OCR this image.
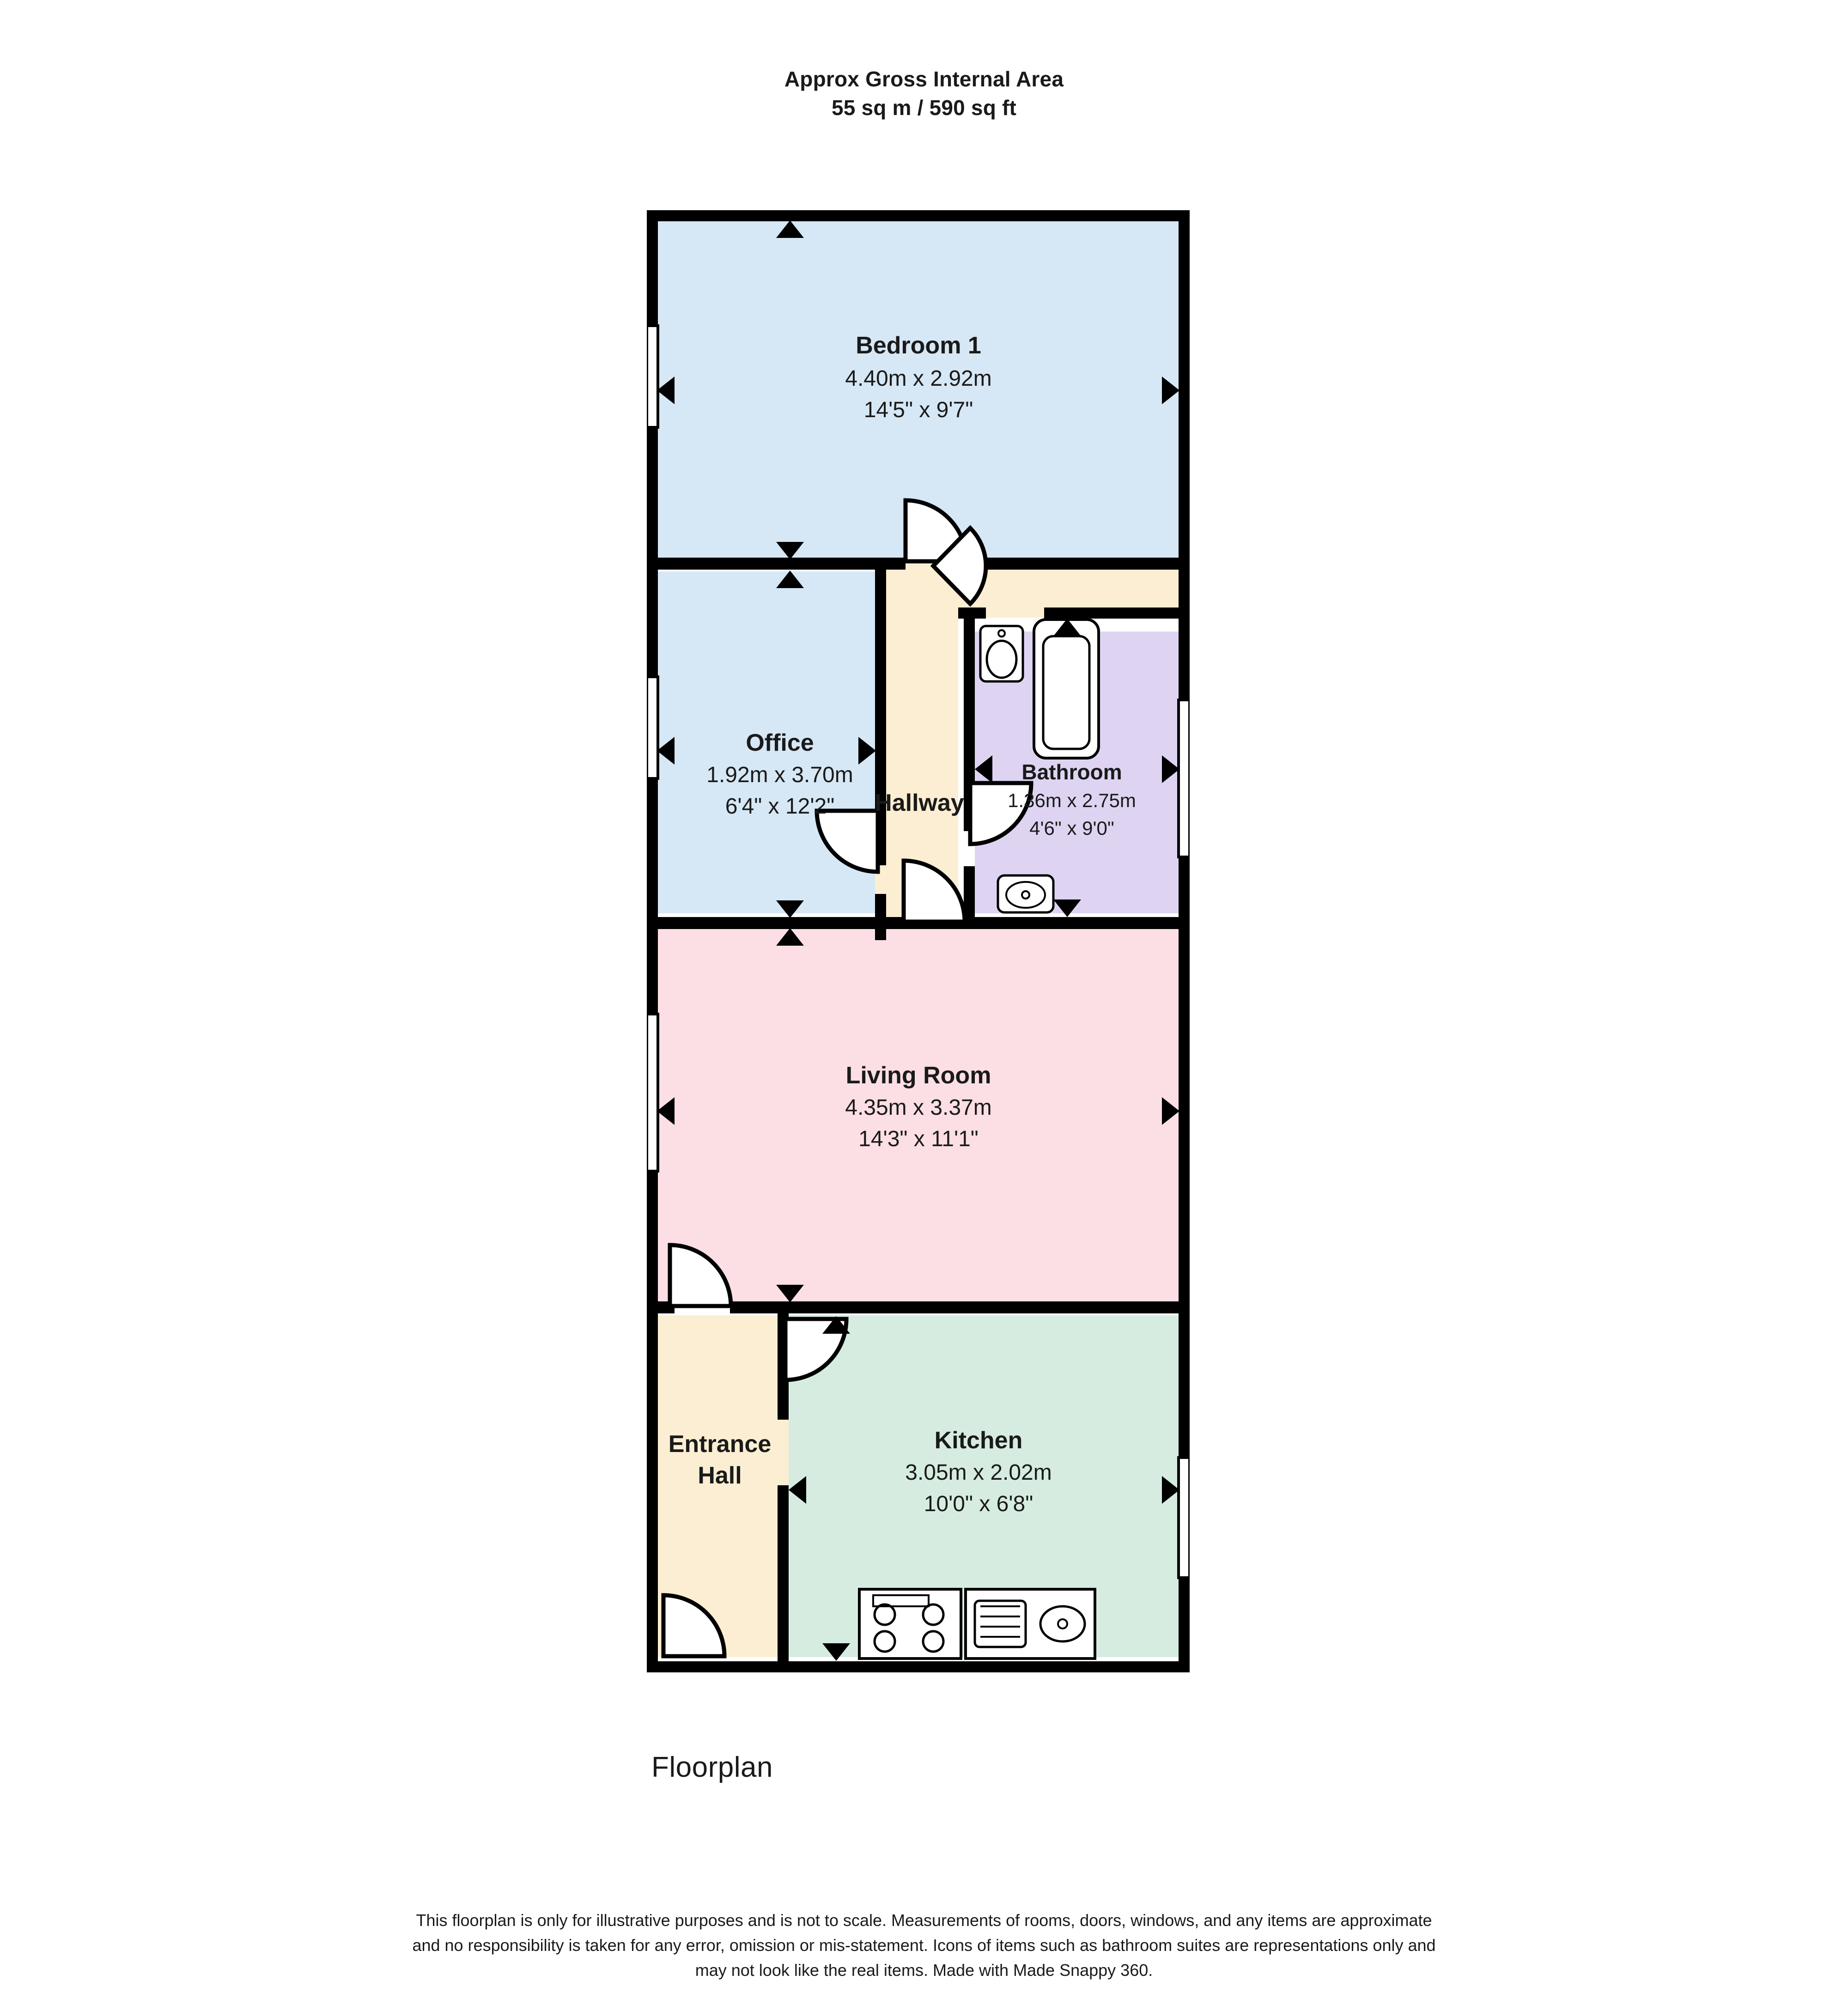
Approx Gross Internal Area
55 sq m / 590 sq ft
Bedroom 1
4.40m x 2.92m
14'5" x 9'7"
Office
1.92m x 3.70m
6'4" x 12'2" Hallway
Bathroom
1.36m x 2.75m
4'6" x 9'0"
Living Room
4.35m x 3.37m
14'3" x 11'1"
Entrance
Hall
Kitchen
3.05m x 2.02m
10'0" x 6'8"
Floorplan
This floorplan is only for illustrative purposes and is not to scale. Measurements of rooms, doors, windows, and any items are approximate
and no responsibility is taken for any error, omission or mis-statement. Icons of items such as bathroom suites are representations only and
may not look like the real items. Made with Made Snappy 360.
